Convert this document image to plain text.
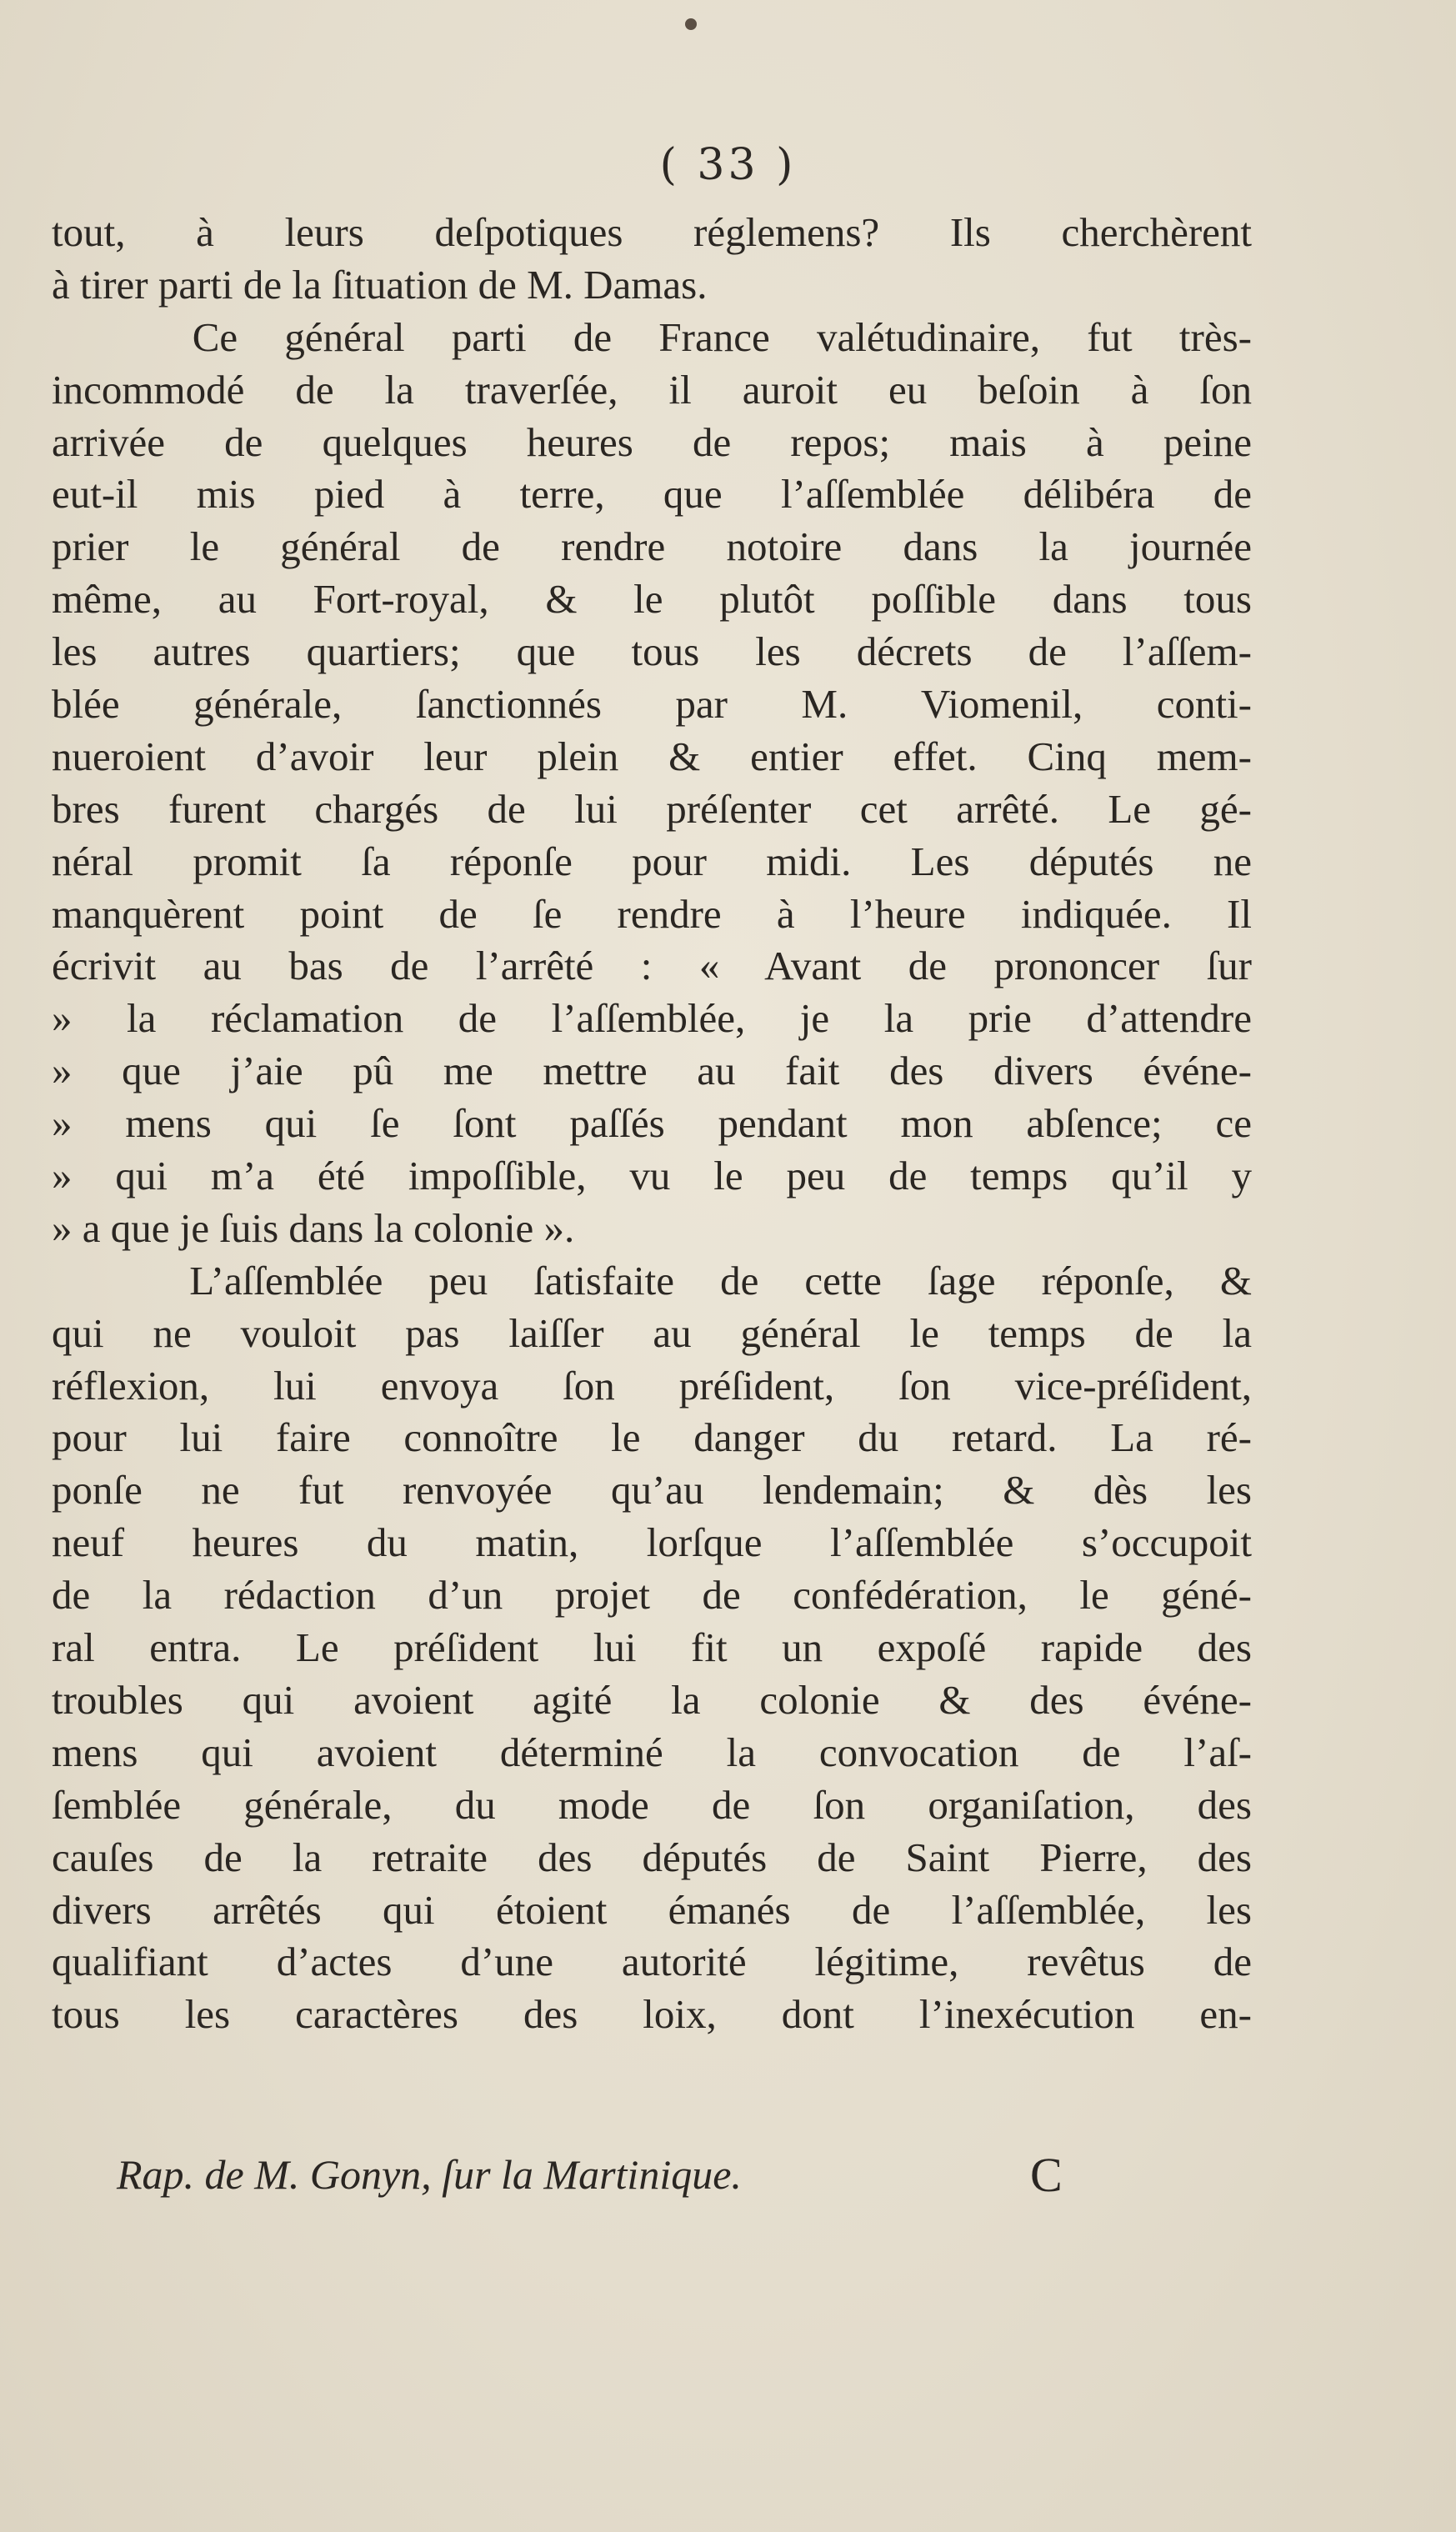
( 33 )
tout, à leurs deſpotiques réglemens? Ils cherchèrent
à tirer parti de la ſituation de M. Damas.
Ce général parti de France valétudinaire, fut très-
incommodé de la traverſée, il auroit eu beſoin à ſon
arrivée de quelques heures de repos; mais à peine
eut-il mis pied à terre, que l’aſſemblée délibéra de
prier le général de rendre notoire dans la journée
même, au Fort-royal, & le plutôt poſſible dans tous
les autres quartiers; que tous les décrets de l’aſſem-
blée générale, ſanctionnés par M. Viomenil, conti-
nueroient d’avoir leur plein & entier effet. Cinq mem-
bres furent chargés de lui préſenter cet arrêté. Le gé-
néral promit ſa réponſe pour midi. Les députés ne
manquèrent point de ſe rendre à l’heure indiquée. Il
écrivit au bas de l’arrêté : « Avant de prononcer ſur
» la réclamation de l’aſſemblée, je la prie d’attendre
» que j’aie pû me mettre au fait des divers événe-
» mens qui ſe ſont paſſés pendant mon abſence; ce
» qui m’a été impoſſible, vu le peu de temps qu’il y
» a que je ſuis dans la colonie ».
L’aſſemblée peu ſatisfaite de cette ſage réponſe, &
qui ne vouloit pas laiſſer au général le temps de la
réflexion, lui envoya ſon préſident, ſon vice-préſident,
pour lui faire connoître le danger du retard. La ré-
ponſe ne fut renvoyée qu’au lendemain; & dès les
neuf heures du matin, lorſque l’aſſemblée s’occupoit
de la rédaction d’un projet de confédération, le géné-
ral entra. Le préſident lui fit un expoſé rapide des
troubles qui avoient agité la colonie & des événe-
mens qui avoient déterminé la convocation de l’aſ-
ſemblée générale, du mode de ſon organiſation, des
cauſes de la retraite des députés de Saint Pierre, des
divers arrêtés qui étoient émanés de l’aſſemblée, les
qualifiant d’actes d’une autorité légitime, revêtus de
tous les caractères des loix, dont l’inexécution en-
Rap. de M. Gonyn, ſur la Martinique.	C
